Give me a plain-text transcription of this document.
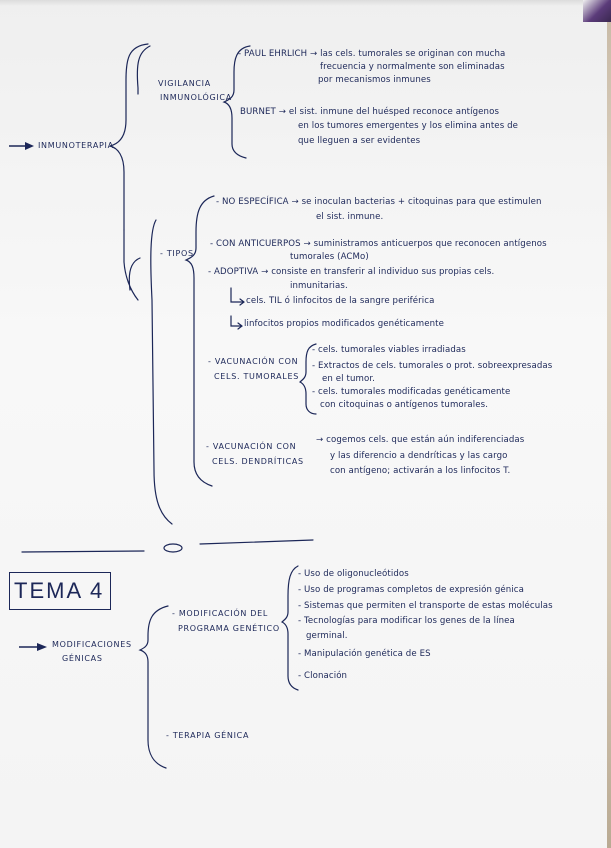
INMUNOTERAPIA
VIGILANCIA
INMUNOLÓGICA
- PAUL EHRLICH → las cels. tumorales se originan con mucha
frecuencia y normalmente son eliminadas
por mecanismos inmunes
BURNET → el sist. inmune del huésped reconoce antígenos
en los tumores emergentes y los elimina antes de
que lleguen a ser evidentes
- TIPOS
- NO ESPECÍFICA → se inoculan bacterias + citoquinas para que estimulen
el sist. inmune.
- CON ANTICUERPOS → suministramos anticuerpos que reconocen antígenos
tumorales (ACMo)
- ADOPTIVA → consiste en transferir al individuo sus propias cels.
inmunitarias.
cels. TIL ó linfocitos de la sangre periférica
linfocitos propios modificados genéticamente
- VACUNACIÓN CON
CELS. TUMORALES
- cels. tumorales viables irradiadas
- Extractos de cels. tumorales o prot. sobreexpresadas
en el tumor.
- cels. tumorales modificadas genéticamente
con citoquinas o antígenos tumorales.
- VACUNACIÓN CON
CELS. DENDRÍTICAS
→ cogemos cels. que están aún indiferenciadas
y las diferencio a dendríticas y las cargo
con antígeno; activarán a los linfocitos T.
TEMA 4
MODIFICACIONES
GÉNICAS
- MODIFICACIÓN DEL
PROGRAMA GENÉTICO
- Uso de oligonucleótidos
- Uso de programas completos de expresión génica
- Sistemas que permiten el transporte de estas moléculas
- Tecnologías para modificar los genes de la línea
germinal.
- Manipulación genética de ES
- Clonación
- TERAPIA GÉNICA
